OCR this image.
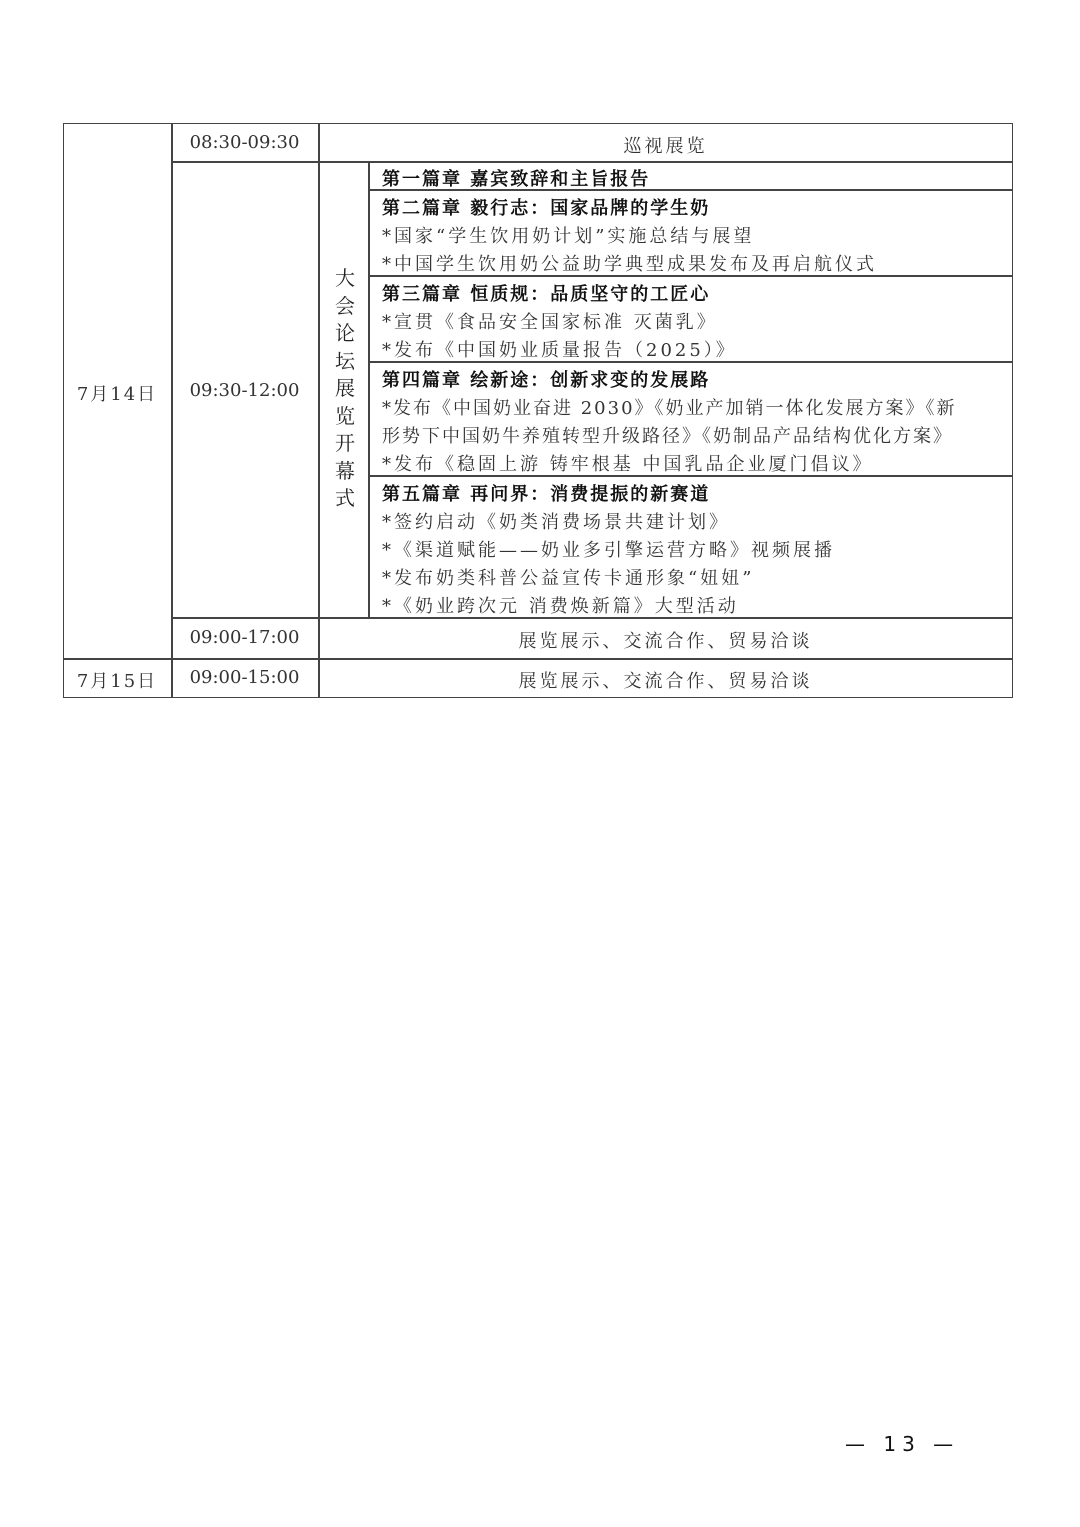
7月14日
7月15日
08:30-09:30
09:30-12:00
09:00-17:00
09:00-15:00
巡视展览
展览展示、交流合作、贸易洽谈
展览展示、交流合作、贸易洽谈
大
会
论
坛
展
览
开
幕
式
第一篇章 嘉宾致辞和主旨报告
第二篇章 毅行志：国家品牌的学生奶
*国家“学生饮用奶计划”实施总结与展望
*中国学生饮用奶公益助学典型成果发布及再启航仪式
第三篇章 恒质规：品质坚守的工匠心
*宣贯《食品安全国家标准 灭菌乳》
*发布《中国奶业质量报告（2025）》
第四篇章 绘新途：创新求变的发展路
*发布《中国奶业奋进 2030》《奶业产加销一体化发展方案》《新
形势下中国奶牛养殖转型升级路径》《奶制品产品结构优化方案》
*发布《稳固上游 铸牢根基 中国乳品企业厦门倡议》
第五篇章 再问界：消费提振的新赛道
*签约启动《奶类消费场景共建计划》
*《渠道赋能——奶业多引擎运营方略》视频展播
*发布奶类科普公益宣传卡通形象“妞妞”
*《奶业跨次元 消费焕新篇》大型活动
— 13 —
